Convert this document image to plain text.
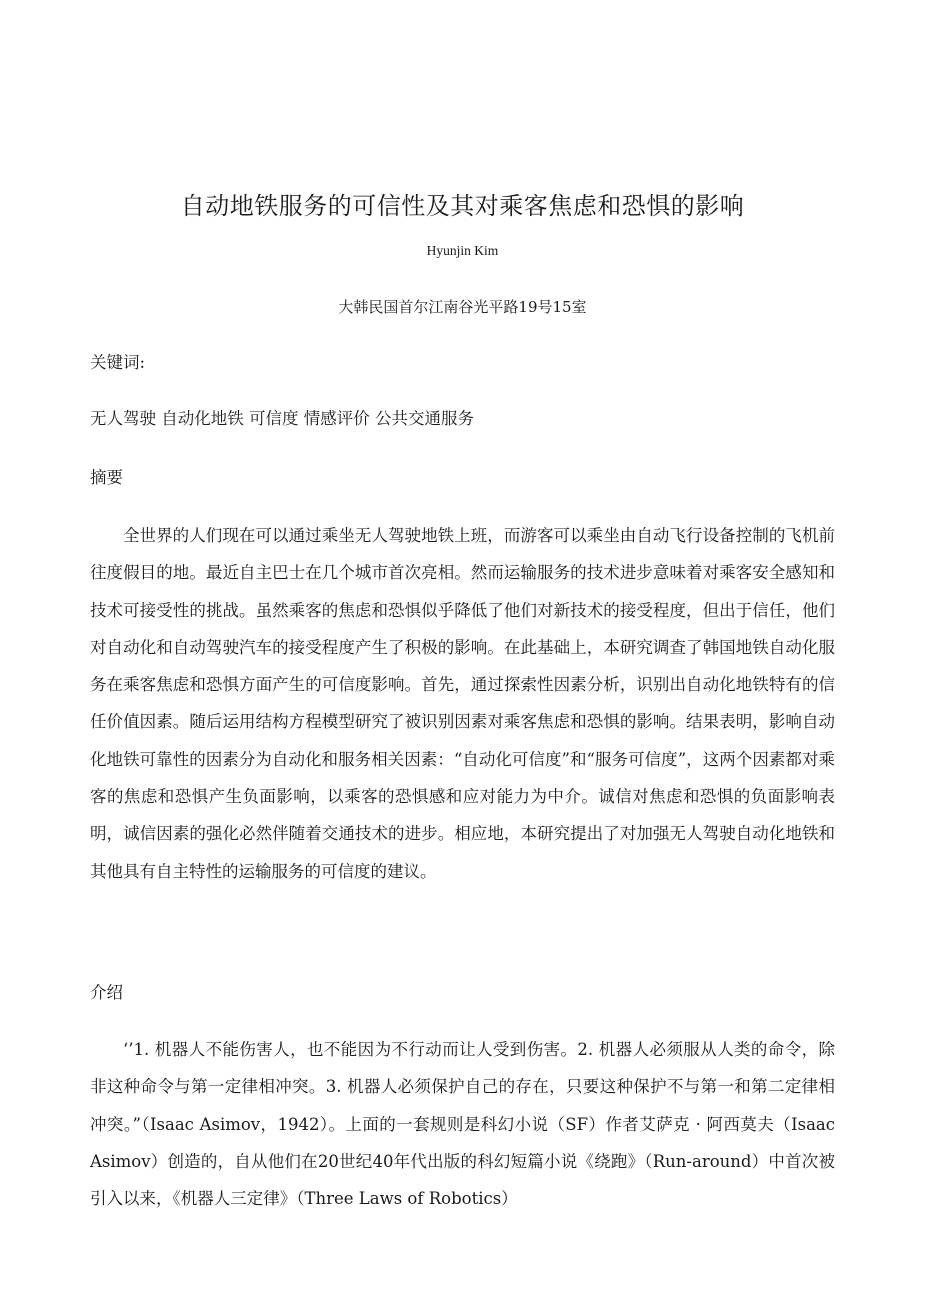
自动地铁服务的可信性及其对乘客焦虑和恐惧的影响
Hyunjin Kim
大韩民国首尔江南谷光平路19号15室
关键词:
无人驾驶 自动化地铁 可信度 情感评价 公共交通服务
摘要

全世界的人们现在可以通过乘坐无人驾驶地铁上班，而游客可以乘坐由自动飞行设备控制的飞机前往度假目的地。最近自主巴士在几个城市首次亮相。然而运输服务的技术进步意味着对乘客安全感知和技术可接受性的挑战。虽然乘客的焦虑和恐惧似乎降低了他们对新技术的接受程度，但出于信任，他们对自动化和自动驾驶汽车的接受程度产生了积极的影响。在此基础上，本研究调查了韩国地铁自动化服务在乘客焦虑和恐惧方面产生的可信度影响。首先，通过探索性因素分析，识别出自动化地铁特有的信任价值因素。随后运用结构方程模型研究了被识别因素对乘客焦虑和恐惧的影响。结果表明，影响自动化地铁可靠性的因素分为自动化和服务相关因素：“自动化可信度”和“服务可信度”，这两个因素都对乘客的焦虑和恐惧产生负面影响，以乘客的恐惧感和应对能力为中介。诚信对焦虑和恐惧的负面影响表明，诚信因素的强化必然伴随着交通技术的进步。相应地，本研究提出了对加强无人驾驶自动化地铁和其他具有自主特性的运输服务的可信度的建议。

介绍

‘’1. 机器人不能伤害人，也不能因为不行动而让人受到伤害。2. 机器人必须服从人类的命令，除非这种命令与第一定律相冲突。3. 机器人必须保护自己的存在，只要这种保护不与第一和第二定律相冲突。”（Isaac Asimov，1942）。上面的一套规则是科幻小说（SF）作者艾萨克 · 阿西莫夫（Isaac Asimov）创造的，自从他们在20世纪40年代出版的科幻短篇小说《绕跑》（Run-around）中首次被引入以来，《机器人三定律》（Three Laws of Robotics）
